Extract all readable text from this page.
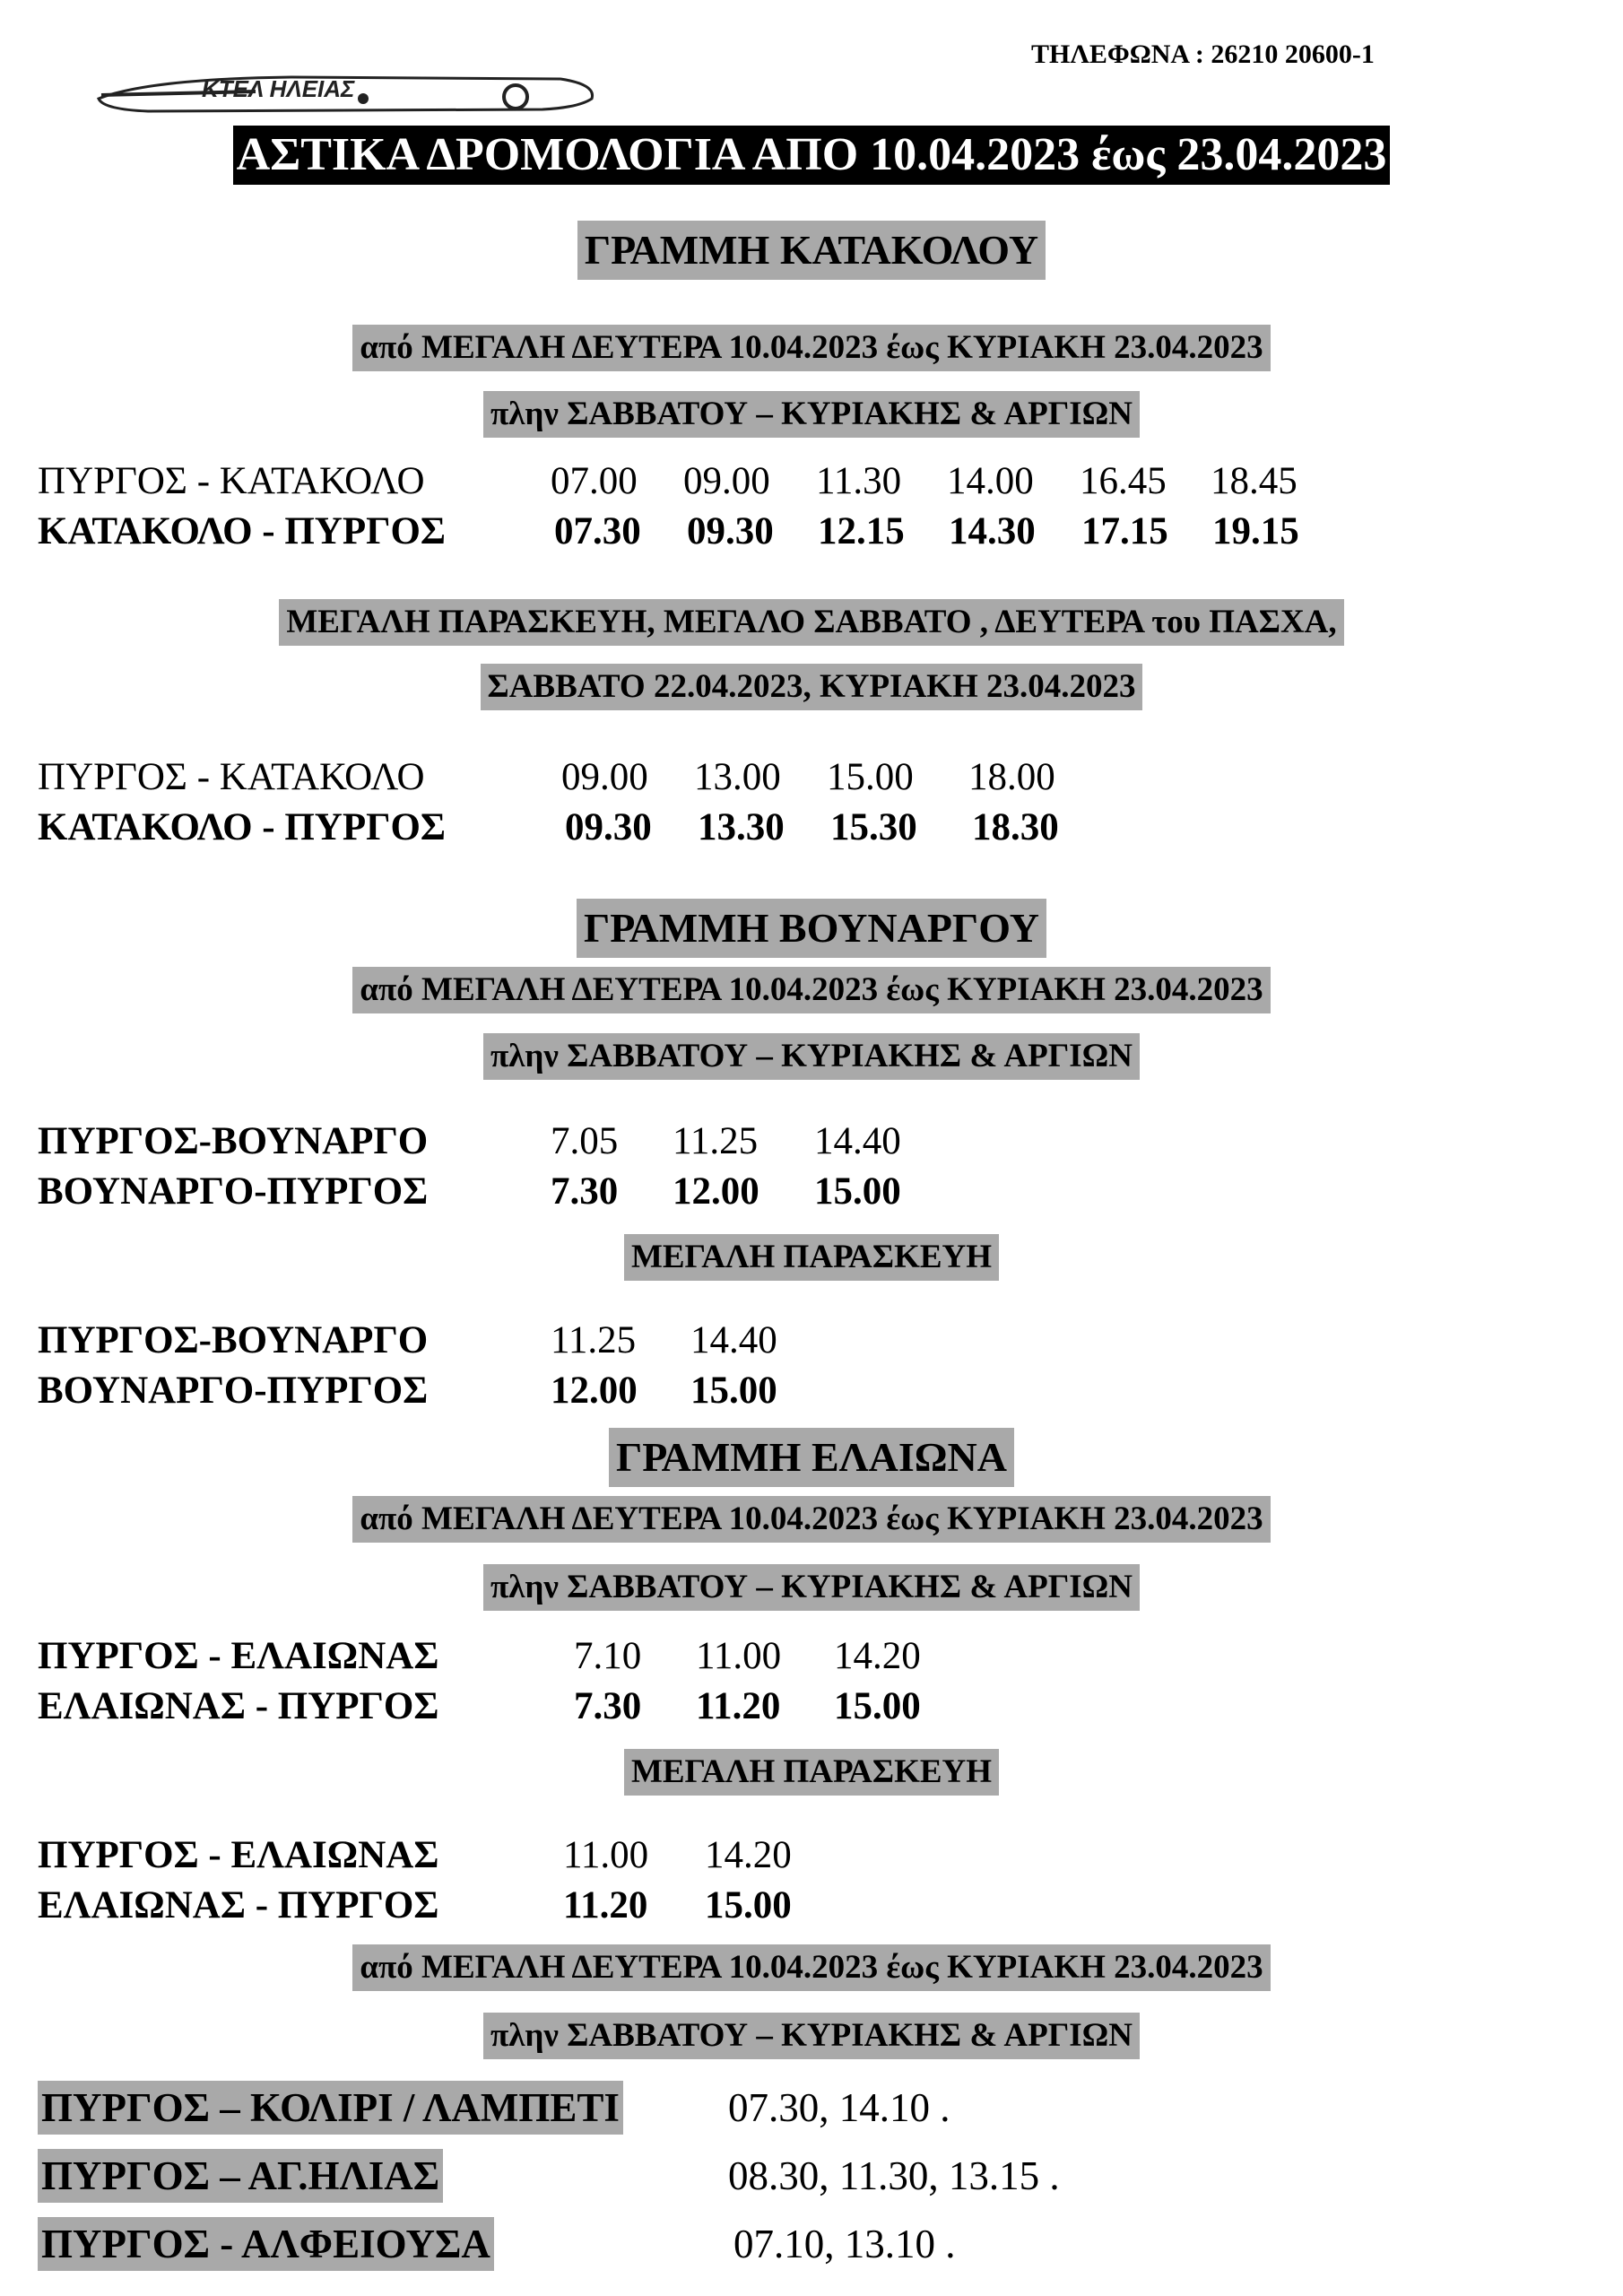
ΤΗΛΕΦΩΝΑ : 26210 20600-1
ΚΤΕΛ ΗΛΕΙΑΣ
ΑΣΤΙΚΑ ΔΡΟΜΟΛΟΓΙΑ ΑΠΟ 10.04.2023 έως 23.04.2023
ΓΡΑΜΜΗ ΚΑΤΑΚΟΛΟΥ
από ΜΕΓΑΛΗ ΔΕΥΤΕΡΑ 10.04.2023 έως ΚΥΡΙΑΚΗ 23.04.2023
πλην ΣΑΒΒΑΤΟΥ – ΚΥΡΙΑΚΗΣ & ΑΡΓΙΩΝ
ΠΥΡΓΟΣ - ΚΑΤΑΚΟΛΟ	07.00 09.00 11.30 14.00 16.45 18.45
ΚΑΤΑΚΟΛΟ - ΠΥΡΓΟΣ	07.30 09.30 12.15 14.30 17.15 19.15
ΜΕΓΑΛΗ ΠΑΡΑΣΚΕΥΗ, ΜΕΓΑΛΟ ΣΑΒΒΑΤΟ , ΔΕΥΤΕΡΑ του ΠΑΣΧΑ,
ΣΑΒΒΑΤΟ 22.04.2023, ΚΥΡΙΑΚΗ 23.04.2023
ΠΥΡΓΟΣ - ΚΑΤΑΚΟΛΟ	09.00 13.00 15.00 18.00
ΚΑΤΑΚΟΛΟ - ΠΥΡΓΟΣ	09.30 13.30 15.30 18.30
ΓΡΑΜΜΗ ΒΟΥΝΑΡΓΟΥ
από ΜΕΓΑΛΗ ΔΕΥΤΕΡΑ 10.04.2023 έως ΚΥΡΙΑΚΗ 23.04.2023
πλην ΣΑΒΒΑΤΟΥ – ΚΥΡΙΑΚΗΣ & ΑΡΓΙΩΝ
ΠΥΡΓΟΣ-ΒΟΥΝΑΡΓΟ	7.05 11.25 14.40
ΒΟΥΝΑΡΓΟ-ΠΥΡΓΟΣ	7.30 12.00 15.00
ΜΕΓΑΛΗ ΠΑΡΑΣΚΕΥΗ
ΠΥΡΓΟΣ-ΒΟΥΝΑΡΓΟ	11.25 14.40
ΒΟΥΝΑΡΓΟ-ΠΥΡΓΟΣ	12.00 15.00
ΓΡΑΜΜΗ ΕΛΑΙΩΝΑ
από ΜΕΓΑΛΗ ΔΕΥΤΕΡΑ 10.04.2023 έως ΚΥΡΙΑΚΗ 23.04.2023
πλην ΣΑΒΒΑΤΟΥ – ΚΥΡΙΑΚΗΣ & ΑΡΓΙΩΝ
ΠΥΡΓΟΣ - ΕΛΑΙΩΝΑΣ	7.10 11.00 14.20
ΕΛΑΙΩΝΑΣ - ΠΥΡΓΟΣ	7.30 11.20 15.00
ΜΕΓΑΛΗ ΠΑΡΑΣΚΕΥΗ
ΠΥΡΓΟΣ - ΕΛΑΙΩΝΑΣ	11.00 14.20
ΕΛΑΙΩΝΑΣ - ΠΥΡΓΟΣ	11.20 15.00
από ΜΕΓΑΛΗ ΔΕΥΤΕΡΑ 10.04.2023 έως ΚΥΡΙΑΚΗ 23.04.2023
πλην ΣΑΒΒΑΤΟΥ – ΚΥΡΙΑΚΗΣ & ΑΡΓΙΩΝ
ΠΥΡΓΟΣ – ΚΟΛΙΡΙ / ΛΑΜΠΕΤΙ	07.30, 14.10 .
ΠΥΡΓΟΣ – ΑΓ.ΗΛΙΑΣ	08.30, 11.30, 13.15 .
ΠΥΡΓΟΣ - ΑΛΦΕΙΟΥΣΑ	07.10, 13.10 .
